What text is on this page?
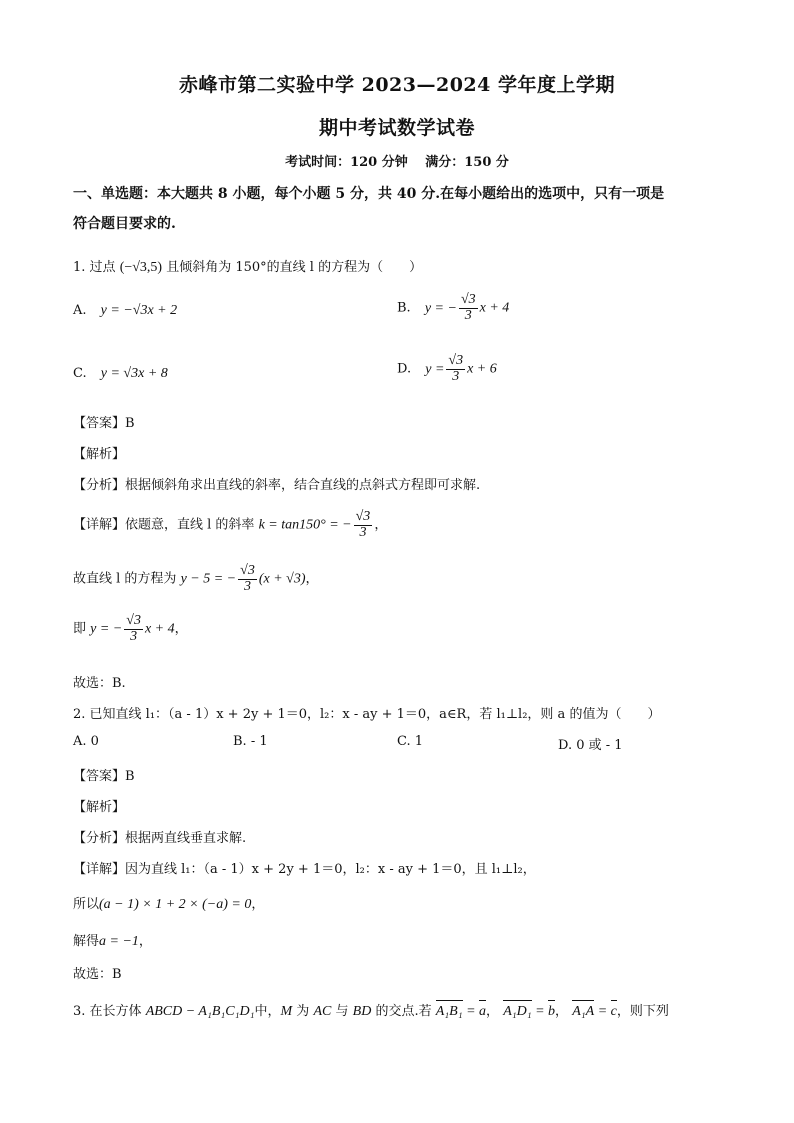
赤峰市第二实验中学 2023—2024 学年度上学期
期中考试数学试卷
考试时间：120 分钟　 满分：150 分
一、单选题：本大题共 8 小题，每个小题 5 分，共 40 分.在每小题给出的选项中，只有一项是
符合题目要求的.
1. 过点 (−√3,5) 且倾斜角为 150°的直线 l 的方程为（　　）
A. y = −√3x + 2	B. y = − $\frac{√3}{3}$ x + 4
C. y = √3x + 8	D. $y = \frac{√3}{3}$ x + 6
【答案】B
【解析】
【分析】根据倾斜角求出直线的斜率，结合直线的点斜式方程即可求解.
【详解】依题意，直线 l 的斜率 k = tan150° = − $\frac{√3}{3}$ ，
故直线 l 的方程为 y − 5 = − $\frac{√3}{3} (x + √3)$，
即 y = − $\frac{√3}{3}$ x + 4，
故选：B.
2. 已知直线 l₁：（a - 1）x + 2y + 1＝0，l₂：x - ay + 1＝0，a∈R，若 l₁⊥l₂，则 a 的值为（　　）
A. 0	B. - 1	C. 1	D. 0 或 - 1
【答案】B
【解析】
【分析】根据两直线垂直求解.
【详解】因为直线 l₁：（a - 1）x + 2y + 1＝0，l₂：x - ay + 1＝0，且 l₁⊥l₂，
所以(a − 1) × 1 + 2 × (−a) = 0，
解得a = −1，
故选：B
3. 在长方体 ABCD − A₁B₁C₁D₁中，M 为 AC 与 BD 的交点.若 A₁B₁ = a， A₁D₁ = b， A₁A = c，则下列
